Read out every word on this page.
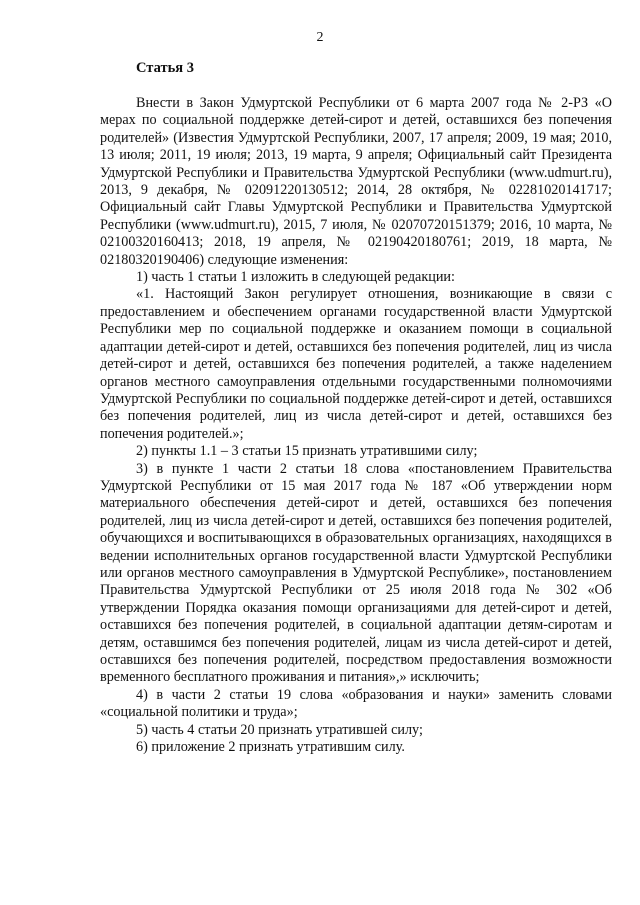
2
Статья 3

Внести в Закон Удмуртской Республики от 6 марта 2007 года № 2-РЗ «О мерах по социальной поддержке детей-сирот и детей, оставшихся без попечения родителей» (Известия Удмуртской Республики, 2007, 17 апреля; 2009, 19 мая; 2010, 13 июля; 2011, 19 июля; 2013, 19 марта, 9 апреля; Официальный сайт Президента Удмуртской Республики и Правительства Удмуртской Республики (www.udmurt.ru), 2013, 9 декабря, № 02091220130512; 2014, 28 октября, № 02281020141717; Официальный сайт Главы Удмуртской Республики и Правительства Удмуртской Республики (www.udmurt.ru), 2015, 7 июля, № 02070720151379; 2016, 10 марта, № 02100320160413; 2018, 19 апреля, № 02190420180761; 2019, 18 марта, № 02180320190406) следующие изменения:

1) часть 1 статьи 1 изложить в следующей редакции:

«1. Настоящий Закон регулирует отношения, возникающие в связи с предоставлением и обеспечением органами государственной власти Удмуртской Республики мер по социальной поддержке и оказанием помощи в социальной адаптации детей-сирот и детей, оставшихся без попечения родителей, лиц из числа детей-сирот и детей, оставшихся без попечения родителей, а также наделением органов местного самоуправления отдельными государственными полномочиями Удмуртской Республики по социальной поддержке детей-сирот и детей, оставшихся без попечения родителей, лиц из числа детей-сирот и детей, оставшихся без попечения родителей.»;

2) пункты 1.1 – 3 статьи 15 признать утратившими силу;

3) в пункте 1 части 2 статьи 18 слова «постановлением Правительства Удмуртской Республики от 15 мая 2017 года № 187 «Об утверждении норм материального обеспечения детей-сирот и детей, оставшихся без попечения родителей, лиц из числа детей-сирот и детей, оставшихся без попечения родителей, обучающихся и воспитывающихся в образовательных организациях, находящихся в ведении исполнительных органов государственной власти Удмуртской Республики или органов местного самоуправления в Удмуртской Республике», постановлением Правительства Удмуртской Республики от 25 июля 2018 года № 302 «Об утверждении Порядка оказания помощи организациями для детей-сирот и детей, оставшихся без попечения родителей, в социальной адаптации детям-сиротам и детям, оставшимся без попечения родителей, лицам из числа детей-сирот и детей, оставшихся без попечения родителей, посредством предоставления возможности временного бесплатного проживания и питания»,» исключить;

4) в части 2 статьи 19 слова «образования и науки» заменить словами «социальной политики и труда»;

5) часть 4 статьи 20 признать утратившей силу;

6) приложение 2 признать утратившим силу.
